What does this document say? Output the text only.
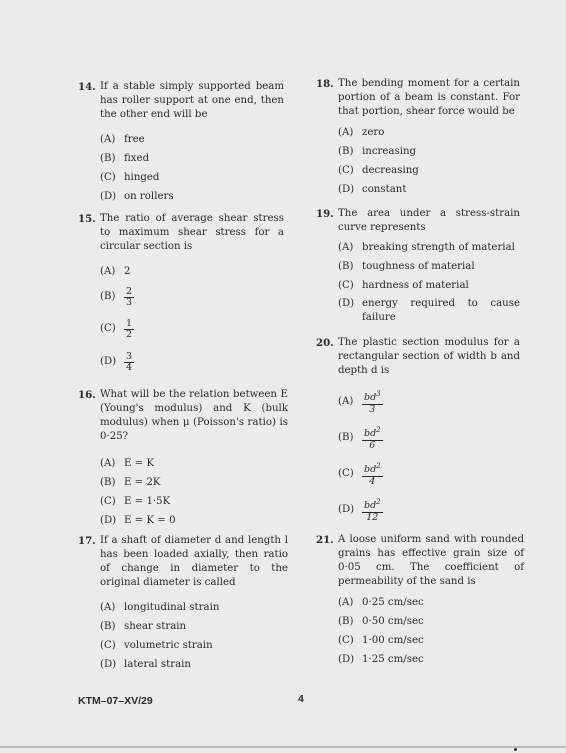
14. If a stable simply supported beam has roller support at one end, then the other end will be
(A) free
(B) fixed
(C) hinged
(D) on rollers
15. The ratio of average shear stress to maximum shear stress for a circular section is
(A) 2
$(B) \frac{2}{3}$
$(C) \frac{1}{2}$
$(D) \frac{3}{4}$
16. What will be the relation between E (Young's modulus) and K (bulk modulus) when μ (Poisson's ratio) is 0·25?
(A) E = K
(B) E = 2K
(C) E = 1·5K
(D) E = K = 0
17. If a shaft of diameter d and length l has been loaded axially, then ratio of change in diameter to the original diameter is called
(A) longitudinal strain
(B) shear strain
(C) volumetric strain
(D) lateral strain
18. The bending moment for a certain portion of a beam is constant. For that portion, shear force would be
(A) zero
(B) increasing
(C) decreasing
(D) constant
19. The area under a stress-strain curve represents
(A) breaking strength of material
(B) toughness of material
(C) hardness of material
(D) energy required to cause failure
20. The plastic section modulus for a rectangular section of width b and depth d is
$(A) \frac{bd^3}{3}$
$(B) \frac{bd^2}{6}$
$(C) \frac{bd^2}{4}$
$(D) \frac{bd^2}{12}$
21. A loose uniform sand with rounded grains has effective grain size of 0·05 cm. The coefficient of permeability of the sand is
(A) 0·25 cm/sec
(B) 0·50 cm/sec
(C) 1·00 cm/sec
(D) 1·25 cm/sec
KTM–07–XV/29	4
